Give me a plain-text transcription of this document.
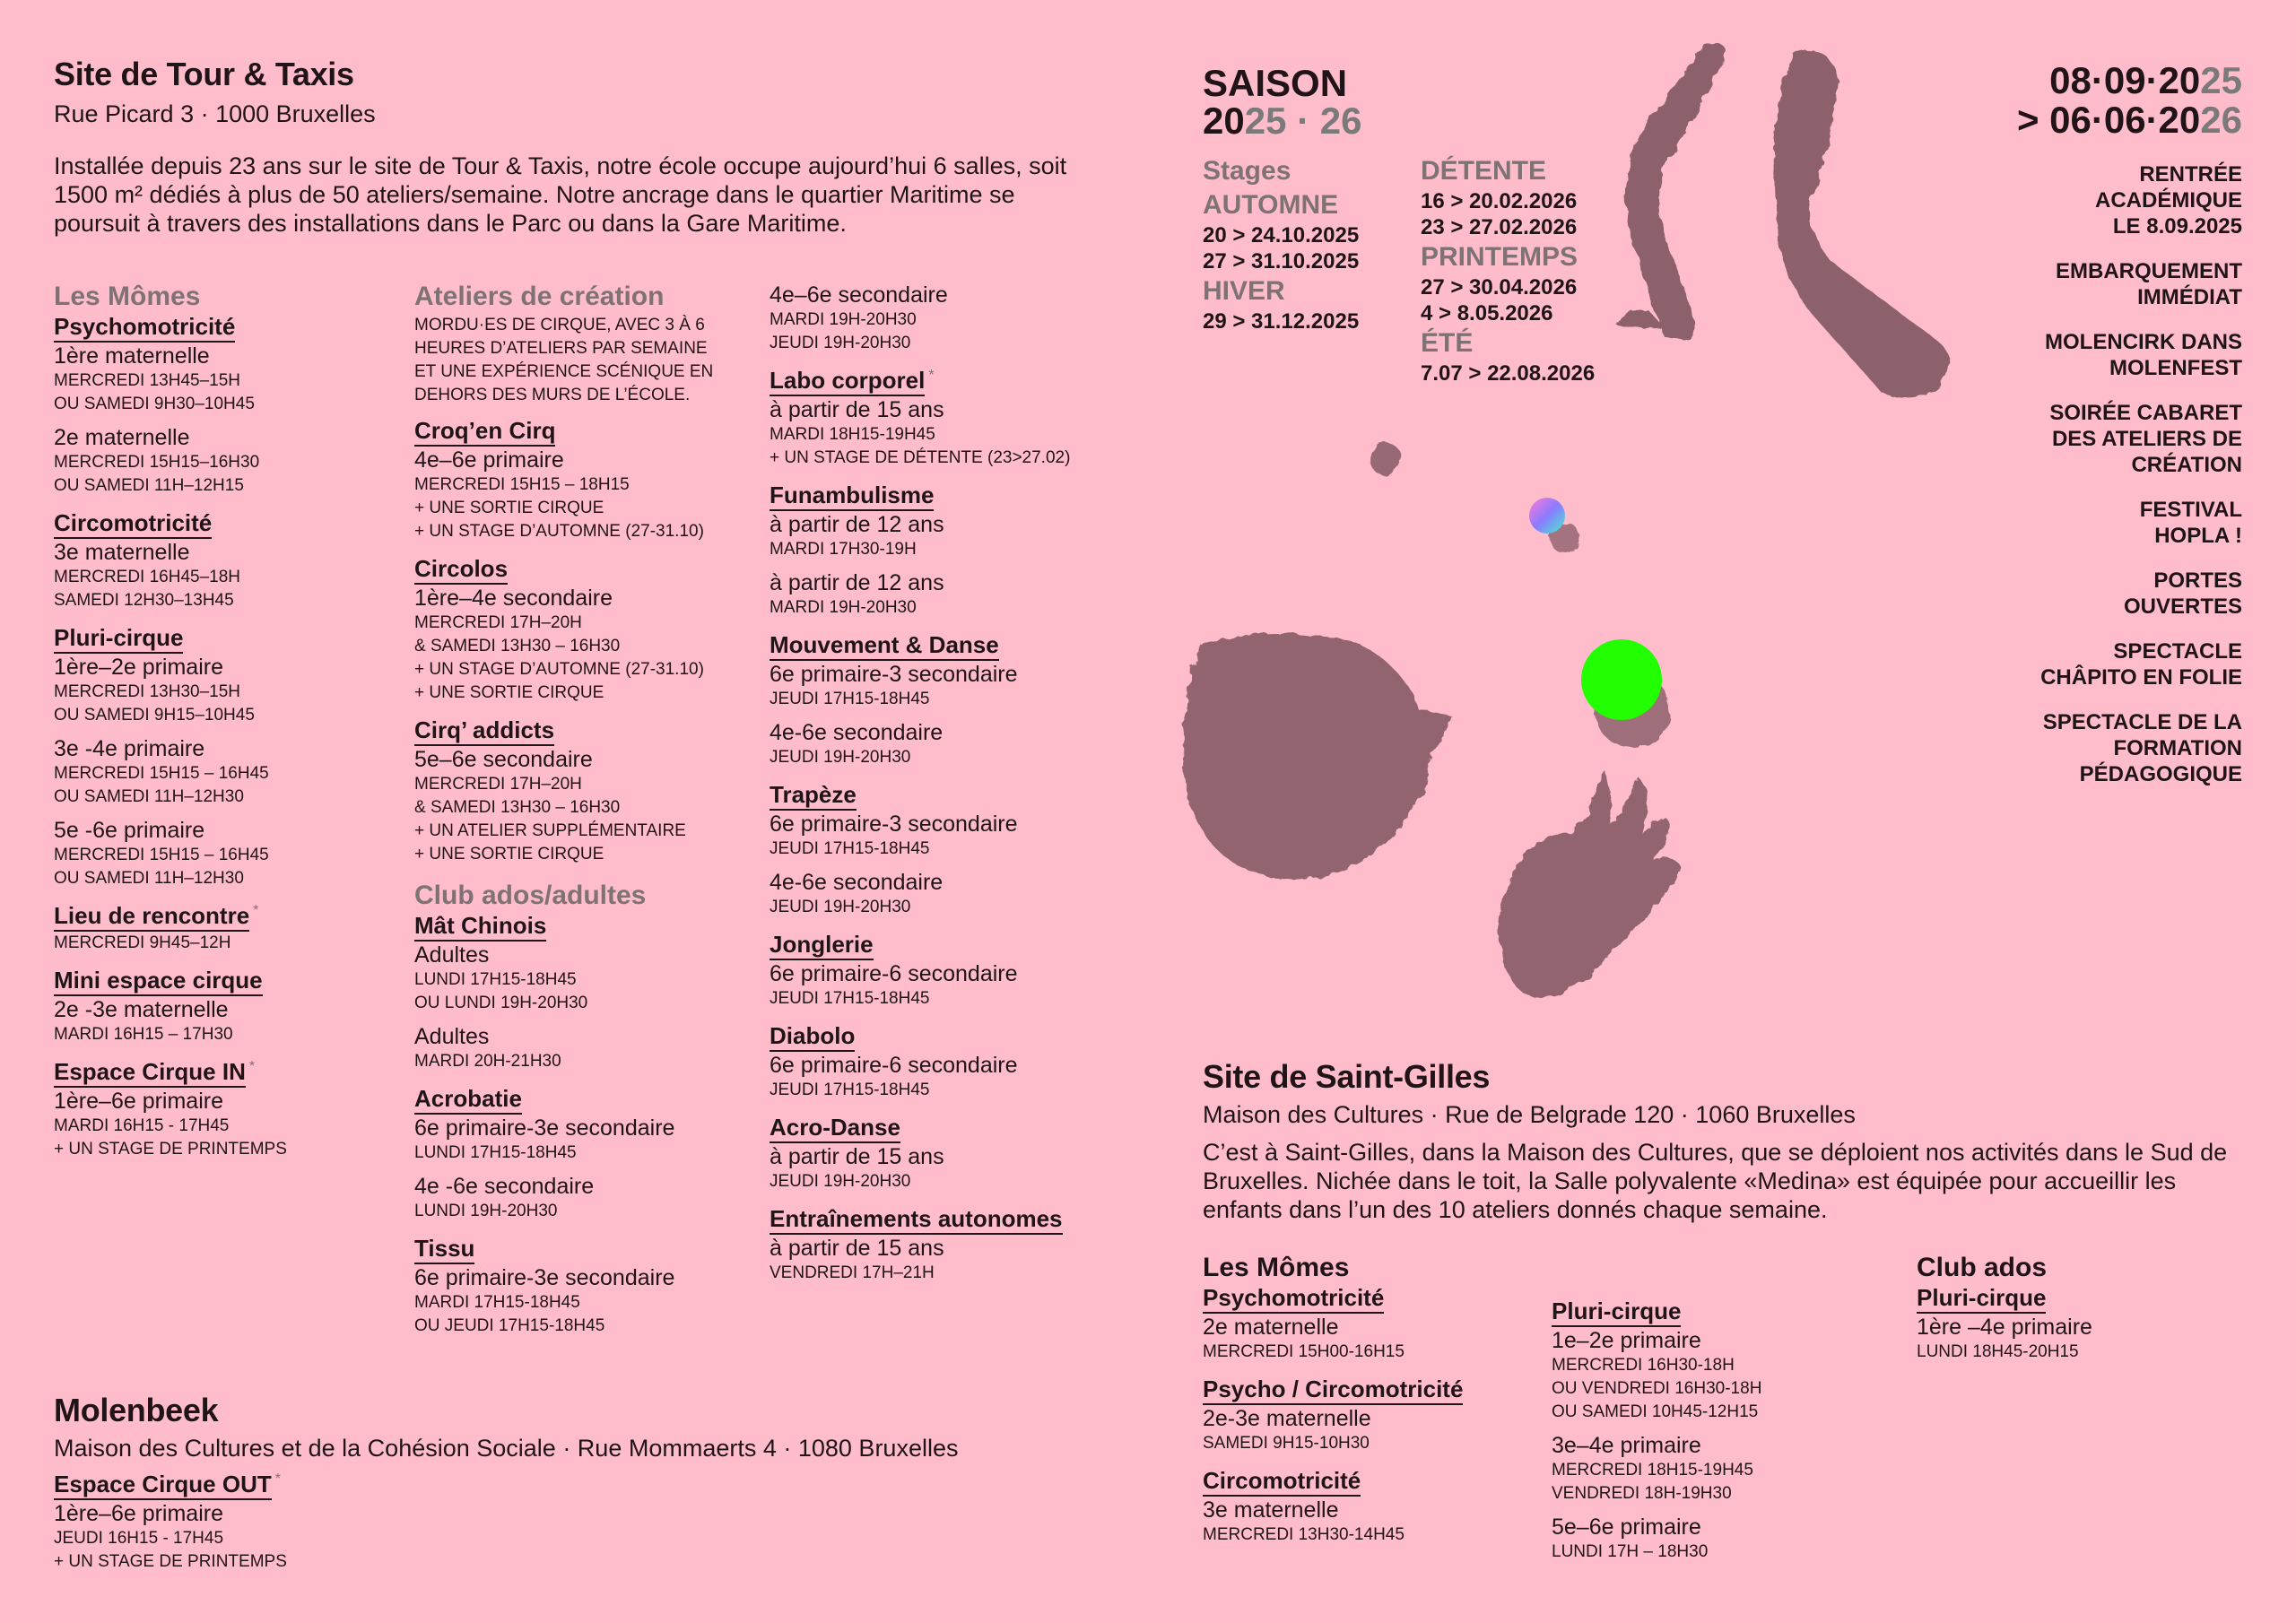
Site de Tour & Taxis
Rue Picard 3 · 1000 Bruxelles
Installée depuis 23 ans sur le site de Tour & Taxis, notre école occupe aujourd’hui 6 salles, soit 1500 m² dédiés à plus de 50 ateliers/semaine. Notre ancrage dans le quartier Maritime se poursuit à travers des installations dans le Parc ou dans la Gare Maritime.
Les Mômes
Psychomotricité
1ère maternelle
MERCREDI 13H45–15H
OU SAMEDI 9H30–10H45
2e maternelle
MERCREDI 15H15–16H30
OU SAMEDI 11H–12H15
Circomotricité
3e maternelle
MERCREDI 16H45–18H
SAMEDI 12H30–13H45
Pluri-cirque
1ère–2e primaire
MERCREDI 13H30–15H
OU SAMEDI 9H15–10H45
3e -4e primaire
MERCREDI 15H15 – 16H45
OU SAMEDI 11H–12H30
5e -6e primaire
MERCREDI 15H15 – 16H45
OU SAMEDI 11H–12H30
Lieu de rencontre *
MERCREDI 9H45–12H
Mini espace cirque
2e -3e maternelle
MARDI 16H15 – 17H30
Espace Cirque IN *
1ère–6e primaire
MARDI 16H15 - 17H45
+ UN STAGE DE PRINTEMPS
Ateliers de création
MORDU·ES DE CIRQUE, AVEC 3 À 6 HEURES D’ATELIERS PAR SEMAINE ET UNE EXPÉRIENCE SCÉNIQUE EN DEHORS DES MURS DE L’ÉCOLE.
Croq’en Cirq
4e–6e primaire
MERCREDI 15H15 – 18H15
+ UNE SORTIE CIRQUE
+ UN STAGE D’AUTOMNE (27-31.10)
Circolos
1ère–4e secondaire
MERCREDI 17H–20H
& SAMEDI 13H30 – 16H30
+ UN STAGE D’AUTOMNE (27-31.10)
+ UNE SORTIE CIRQUE
Cirq’ addicts
5e–6e secondaire
MERCREDI 17H–20H
& SAMEDI 13H30 – 16H30
+ UN ATELIER SUPPLÉMENTAIRE
+ UNE SORTIE CIRQUE
Club ados/adultes
Mât Chinois
Adultes
LUNDI 17H15-18H45
OU LUNDI 19H-20H30
Adultes
MARDI 20H-21H30
Acrobatie
6e primaire-3e secondaire
LUNDI 17H15-18H45
4e -6e secondaire
LUNDI 19H-20H30
Tissu
6e primaire-3e secondaire
MARDI 17H15-18H45
OU JEUDI 17H15-18H45
4e–6e secondaire
MARDI 19H-20H30
JEUDI 19H-20H30
Labo corporel *
à partir de 15 ans
MARDI 18H15-19H45
+ UN STAGE DE DÉTENTE (23>27.02)
Funambulisme
à partir de 12 ans
MARDI 17H30-19H
à partir de 12 ans
MARDI 19H-20H30
Mouvement & Danse
6e primaire-3 secondaire
JEUDI 17H15-18H45
4e-6e secondaire
JEUDI 19H-20H30
Trapèze
6e primaire-3 secondaire
JEUDI 17H15-18H45
4e-6e secondaire
JEUDI 19H-20H30
Jonglerie
6e primaire-6 secondaire
JEUDI 17H15-18H45
Diabolo
6e primaire-6 secondaire
JEUDI 17H15-18H45
Acro-Danse
à partir de 15 ans
JEUDI 19H-20H30
Entraînements autonomes
à partir de 15 ans
VENDREDI 17H–21H
Molenbeek
Maison des Cultures et de la Cohésion Sociale · Rue Mommaerts 4 · 1080 Bruxelles
Espace Cirque OUT *
1ère–6e primaire
JEUDI 16H15 - 17H45
+ UN STAGE DE PRINTEMPS
SAISON
2025 · 26
Stages
AUTOMNE
20 > 24.10.2025
27 > 31.10.2025
HIVER
29 > 31.12.2025
DÉTENTE
16 > 20.02.2026
23 > 27.02.2026
PRINTEMPS
27 > 30.04.2026
4 > 8.05.2026
ÉTÉ
7.07 > 22.08.2026
08·09·2025
> 06·06·2026
RENTRÉE ACADÉMIQUE LE 8.09.2025
EMBARQUEMENT IMMÉDIAT
MOLENCIRK DANS MOLENFEST
SOIRÉE CABARET DES ATELIERS DE CRÉATION
FESTIVAL HOPLA !
PORTES OUVERTES
SPECTACLE CHÂPITO EN FOLIE
SPECTACLE DE LA FORMATION PÉDAGOGIQUE
Site de Saint-Gilles
Maison des Cultures · Rue de Belgrade 120 · 1060 Bruxelles
C’est à Saint-Gilles, dans la Maison des Cultures, que se déploient nos activités dans le Sud de Bruxelles. Nichée dans le toit, la Salle polyvalente «Medina» est équipée pour accueillir les enfants dans l’un des 10 ateliers donnés chaque semaine.
Les Mômes
Psychomotricité
2e maternelle
MERCREDI 15H00-16H15
Psycho / Circomotricité
2e-3e maternelle
SAMEDI 9H15-10H30
Circomotricité
3e maternelle
MERCREDI 13H30-14H45
Pluri-cirque
1e–2e primaire
MERCREDI 16H30-18H
OU VENDREDI 16H30-18H
OU SAMEDI 10H45-12H15
3e–4e primaire
MERCREDI 18H15-19H45
VENDREDI 18H-19H30
5e–6e primaire
LUNDI 17H – 18H30
Club ados
Pluri-cirque
1ère –4e primaire
LUNDI 18H45-20H15
